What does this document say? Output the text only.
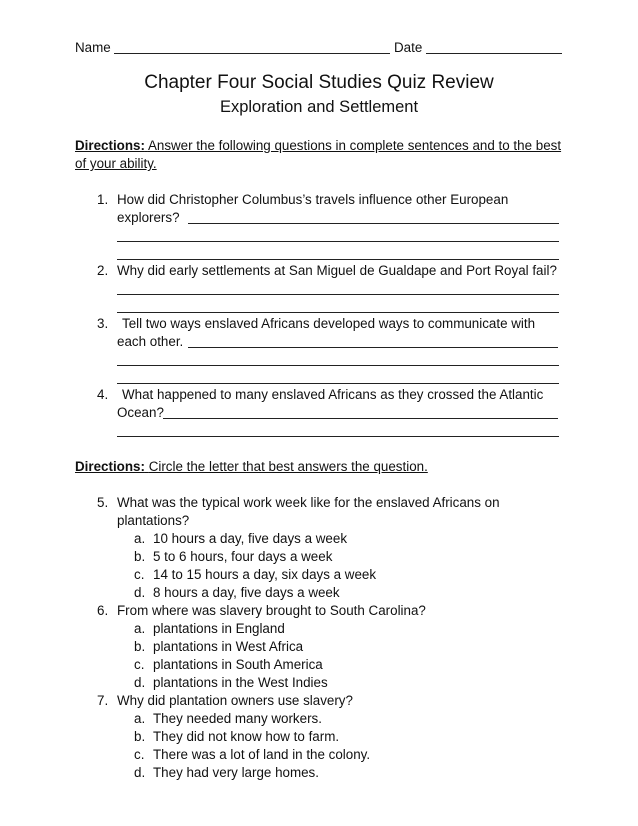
Name	Date
Chapter Four Social Studies Quiz Review
Exploration and Settlement
Directions: Answer the following questions in complete sentences and to the best
of your ability.
1. How did Christopher Columbus’s travels influence other European
explorers?
2. Why did early settlements at San Miguel de Gualdape and Port Royal fail?
3. Tell two ways enslaved Africans developed ways to communicate with
each other.
4. What happened to many enslaved Africans as they crossed the Atlantic
Ocean?
Directions: Circle the letter that best answers the question.
5. What was the typical work week like for the enslaved Africans on
plantations?
a. 10 hours a day, five days a week
b. 5 to 6 hours, four days a week
c. 14 to 15 hours a day, six days a week
d. 8 hours a day, five days a week
6. From where was slavery brought to South Carolina?
a. plantations in England
b. plantations in West Africa
c. plantations in South America
d. plantations in the West Indies
7. Why did plantation owners use slavery?
a. They needed many workers.
b. They did not know how to farm.
c. There was a lot of land in the colony.
d. They had very large homes.
